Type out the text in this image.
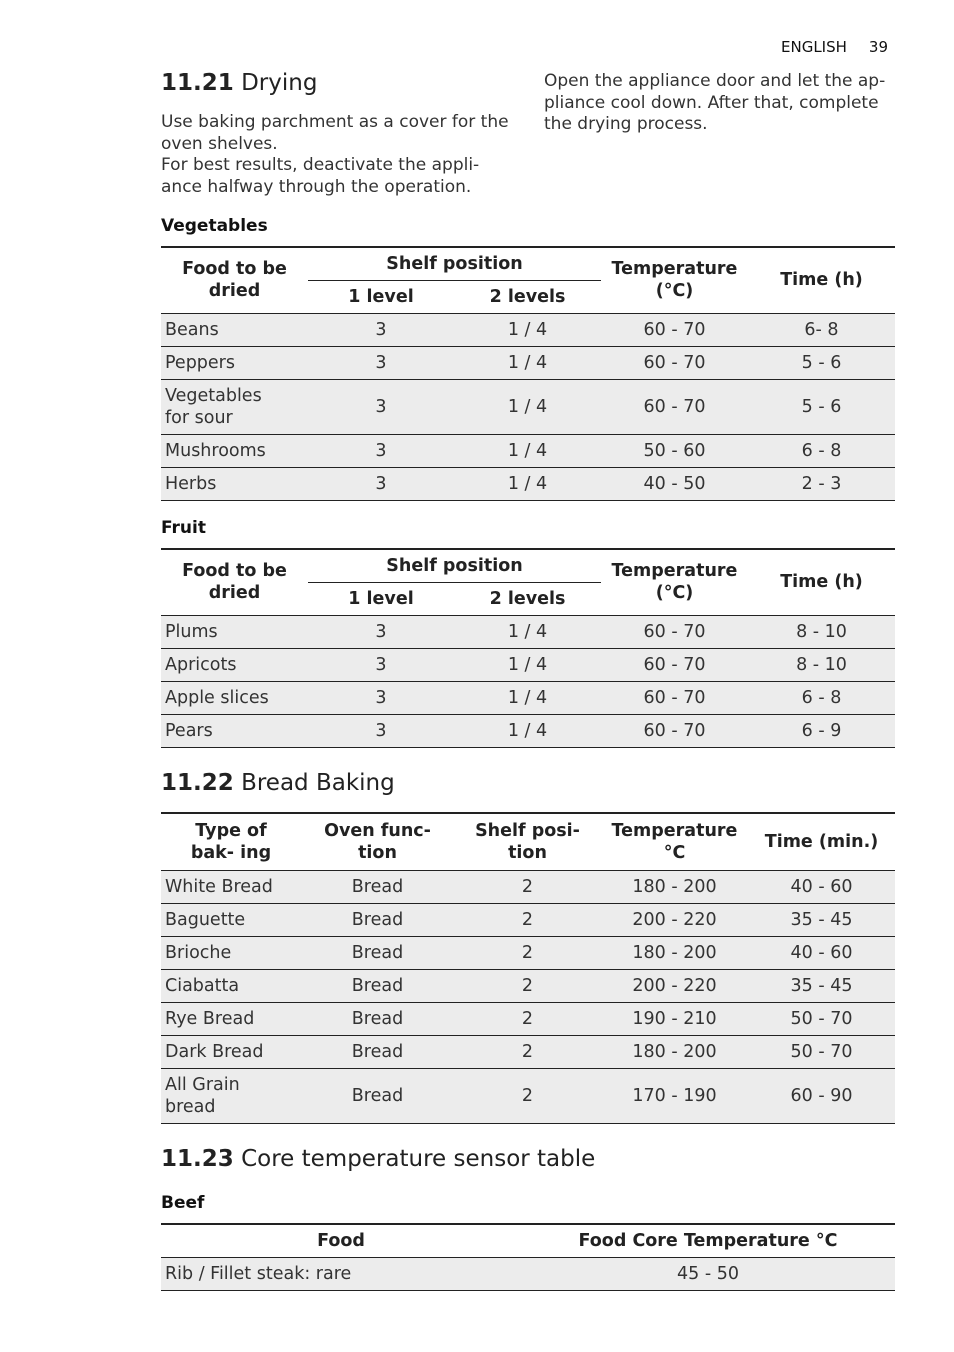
ENGLISH 39
11.21 Drying
Use baking parchment as a cover for the oven shelves.
For best results, deactivate the appli- ance halfway through the operation.
Open the appliance door and let the ap- pliance cool down. After that, complete the drying process.
Vegetables
Food to be dried	Shelf position		Temperature (°C)	Time (h)
	1 level	2 levels		
Beans	3	1 / 4	60 - 70	6- 8
Peppers	3	1 / 4	60 - 70	5 - 6
Vegetables for sour	3	1 / 4	60 - 70	5 - 6
Mushrooms	3	1 / 4	50 - 60	6 - 8
Herbs	3	1 / 4	40 - 50	2 - 3
Fruit
Food to be dried	Shelf position		Temperature (°C)	Time (h)
	1 level	2 levels		
Plums	3	1 / 4	60 - 70	8 - 10
Apricots	3	1 / 4	60 - 70	8 - 10
Apple slices	3	1 / 4	60 - 70	6 - 8
Pears	3	1 / 4	60 - 70	6 - 9
11.22 Bread Baking
Type of bak- ing	Oven func- tion	Shelf posi- tion	Temperature °C	Time (min.)
White Bread	Bread	2	180 - 200	40 - 60
Baguette	Bread	2	200 - 220	35 - 45
Brioche	Bread	2	180 - 200	40 - 60
Ciabatta	Bread	2	200 - 220	35 - 45
Rye Bread	Bread	2	190 - 210	50 - 70
Dark Bread	Bread	2	180 - 200	50 - 70
All Grain bread	Bread	2	170 - 190	60 - 90
11.23 Core temperature sensor table
Beef
Food	Food Core Temperature °C
Rib / Fillet steak: rare	45 - 50
